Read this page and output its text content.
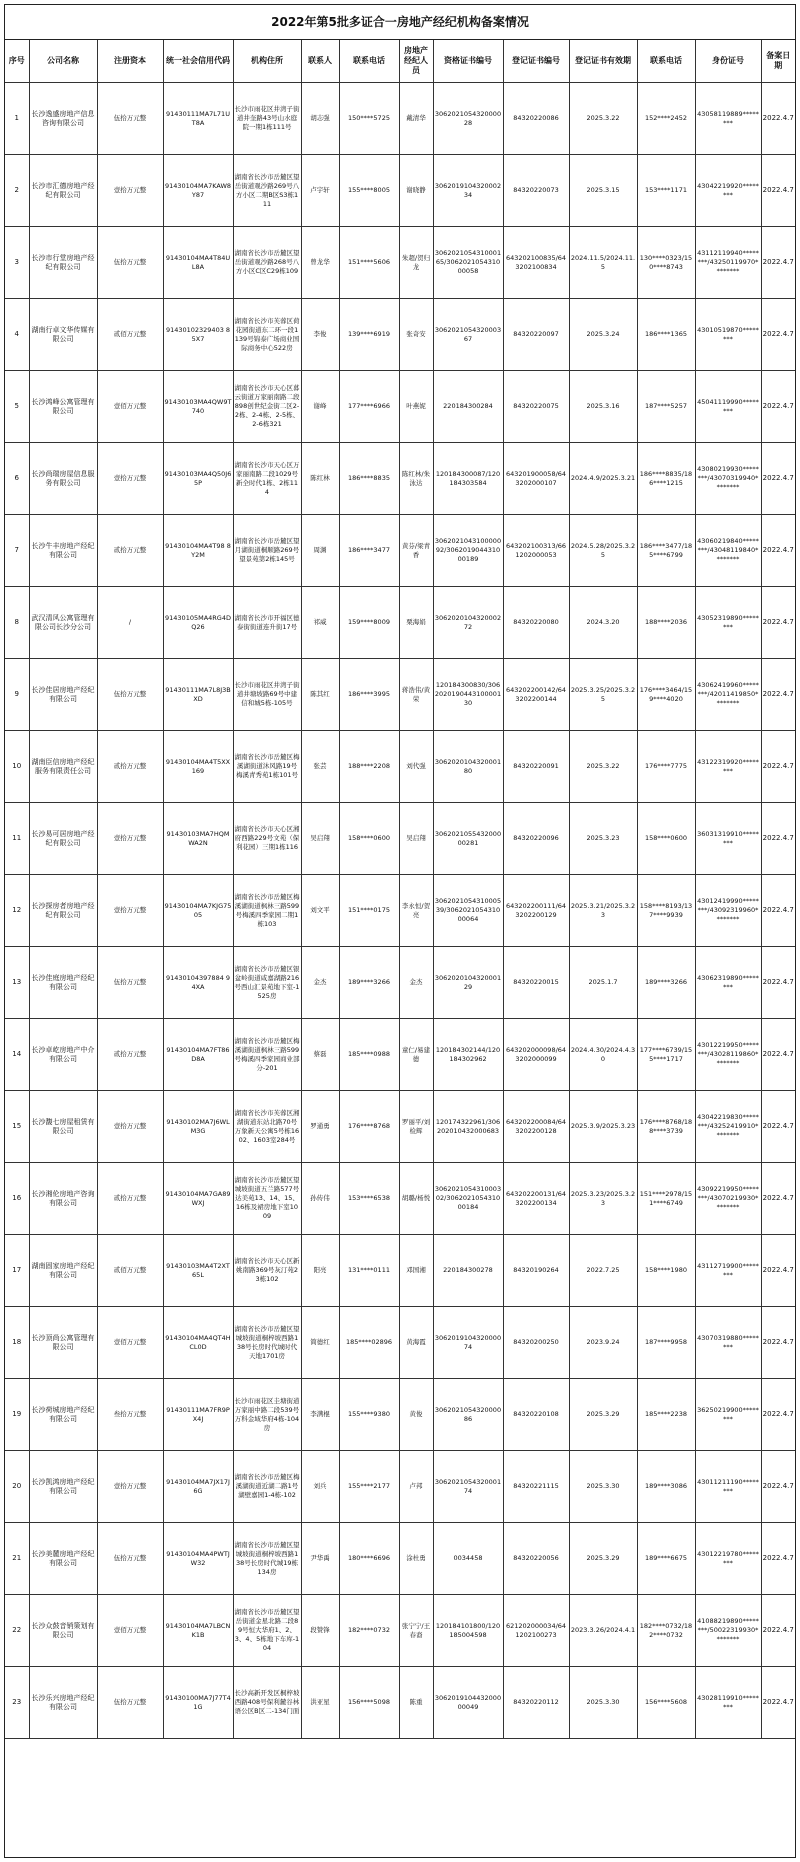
2022年第5批多证合一房地产经纪机构备案情况
序号	公司名称	注册资本	统一社会信用代码	机构住所	联系人	联系电话	房地产经纪人员	资格证书编号	登记证书编号	登记证书有效期	联系电话	身份证号	备案日期
1	长沙逸盛房地产信息咨询有限公司	伍拾万元整	91430111MA7L71UT8A	长沙市雨花区井湾子街道井奎路43号山水庭院一期1栋111号	胡志强	150****5725	戴清华	306202105432000028	84320220086	2025.3.22	152****2452	43058119889********	2022.4.7
2	长沙市汇德房地产经纪有限公司	壹拾万元整	91430104MA7KAW8Y87	湖南省长沙市岳麓区望岳街道观沙路269号八方小区二期B区S3栋111	卢宇轩	155****8005	谢晓静	306201910432000234	84320220073	2025.3.15	153****1171	43042219920********	2022.4.7
3	长沙市行堂房地产经纪有限公司	伍拾万元整	91430104MA4T84UL8A	湖南省长沙市岳麓区望岳街道观沙路268号八方小区C区C29栋109	曾龙华	151****5606	朱超/贺归龙	306202105431000165/306202105431000058	643202100835/643202100834	2024.11.5/2024.11.5	130****0323/150****8743	43112119940********/43250119970********	2022.4.7
4	湖南行卓文华传媒有限公司	贰佰万元整	91430102329403 85X7	湖南省长沙市芙蓉区荷花园街道东二环一段1139号锦泰广场商业国际商务中心522房	李俊	139****6919	张奇安	306202105432000367	84320220097	2025.3.24	186****1365	43010519870********	2022.4.7
5	长沙鸿峰公寓管理有限公司	壹佰万元整	91430103MA4QW9T740	湖南省长沙市天心区暮云街道万家丽南路二段898创世纪金街二区2-2栋、2-4栋、2-5栋、2-6栋321	谢峰	177****6966	叶燕妮	220184300284	84320220075	2025.3.16	187****5257	45041119990********	2022.4.7
6	长沙尚瑞房屋信息服务有限公司	壹拾万元整	91430103MA4Q50J65P	湖南省长沙市天心区万家丽南路二段1029号新全时代1栋、2栋114	陈红林	186****8835	陈红林/朱泳达	120184300087/120184303584	643201900058/643202000107	2024.4.9/2025.3.21	186****8835/186****1215	43080219930********/43070319940********	2022.4.7
7	长沙牛丰房地产经纪有限公司	贰拾万元整	91430104MA4T98 8Y2M	湖南省长沙市岳麓区望月湖街道桐顺路269号望景苑第2栋145号	周渊	186****3477	黄芬/梁青香	306202104310000092/306201904431000189	643202100313/661202000053	2024.5.28/2025.3.25	186****3477/185****6799	43060219840********/43048119840********	2022.4.7
8	武汉清风公寓管理有限公司长沙分公司	/	91430105MA4RG4DQ26	湖南省长沙市开福区德泰街街道连升街17号	祁威	159****8009	栗海娟	306202010432000272	84320220080	2024.3.20	188****2036	43052319890********	2022.4.7
9	长沙佳居房地产经纪有限公司	伍拾万元整	91430111MA7L8J3BXD	长沙市雨花区井湾子街道井塘坡路69号中建信和城5栋-105号	陈其红	186****3995	蒋浩伟/黄荣	120184300830/306202019044310000130	643202200142/643202200144	2025.3.25/2025.3.25	176****3464/159****4020	43062419960********/42011419850********	2022.4.7
10	湖南臣信房地产经纪服务有限责任公司	贰拾万元整	91430104MA4T5XX169	湖南省长沙市岳麓区梅溪湖街道沐风路19号梅溪青秀苑1栋101号	张芸	188****2208	刘代强	306202010432000180	84320220091	2025.3.22	176****7775	43122319920********	2022.4.7
11	长沙易可居房地产经纪有限公司	壹拾万元整	91430103MA7HQMWA2N	湖南省长沙市天心区湘府西路229号文苑（保利花园）三期1栋116	吴启翔	158****0600	吴启翔	306202105543200000281	84320220096	2025.3.23	158****0600	36031319910********	2022.4.7
12	长沙探房者房地产经纪有限公司	壹拾万元整	91430104MA7KJG7505	湖南省长沙市岳麓区梅溪湖街道枫林三路599号梅溪四季家园二期1栋103	刘文平	151****0175	李永恒/贺亮	306202105431000539/306202105431000064	643202200111/643202200129	2025.3.21/2025.3.23	158****8193/137****9939	43012419990********/43092319960********	2022.4.7
13	长沙佳庭房地产经纪有限公司	伍拾万元整	91430104397884 94XA	湖南省长沙市岳麓区银盆岭街道咸嘉湖路216号西山汇景苑地下室-1525房	金杰	189****3266	金杰	306202010432000129	84320220015	2025.1.7	189****3266	43062319890********	2022.4.7
14	长沙卓屹房地产中介有限公司	贰拾万元整	91430104MA7FT86D8A	湖南省长沙市岳麓区梅溪湖街道枫林三路599号梅溪四季家园商业部分-201	蔡磊	185****0988	童仁/易建德	120184302144/120184302962	643202000098/643202000099	2024.4.30/2024.4.30	177****6739/155****1717	43012219950********/43028119860********	2022.4.7
15	长沙馥七房屋租赁有限公司	壹拾万元整	91430102MA7J6WLM3G	湖南省长沙市芙蓉区湘湖街道东站北路70号万象新天公寓5号栋1602、1603室284号	罗通勇	176****8768	罗丽平/刘检辉	120174322961/306202010432000683	643202200084/643202200128	2025.3.9/2025.3.23	176****8768/188****3739	43042219830********/43252419910********	2022.4.7
16	长沙湘伦房地产咨询有限公司	贰拾万元整	91430104MA7GA89WXJ	湖南省长沙市岳麓区望城坡街道五兰路577号达美苑13、14、15、16栋及裙房地下室1009	孙传伟	153****6538	胡璐/杨悦	306202105431000302/306202105431000184	643202200131/643202200134	2025.3.23/2025.3.23	151****2978/151****6749	43092219950********/43070219930********	2022.4.7
17	湖南固家房地产经纪有限公司	贰佰万元整	91430103MA4T2XT65L	湖南省长沙市天心区新姚南路369号灰汀苑23栋102	阳亮	131****0111	邓国湘	220184300278	84320190264	2022.7.25	158****1980	43112719900********	2022.4.7
18	长沙顶尚公寓管理有限公司	壹佰万元整	91430104MA4QT4HCL0D	湖南省长沙市岳麓区望城坡街道桐梓坡西路138号长房时代城时代天地1701房	简德红	185****02896	黄海霞	306201910432000074	84320200250	2023.9.24	187****9958	43070319880********	2022.4.7
19	长沙荷城房地产经纪有限公司	叁拾万元整	91430111MA7FR9PX4J	长沙市雨花区圭塘街道万家丽中路二段539号万科金域华府4栋-104房	李满棍	155****9380	黄俊	306202105432000086	84320220108	2025.3.29	185****2238	36250219900********	2022.4.7
20	长沙凯鸿房地产经纪有限公司	壹拾万元整	91430104MA7JX17J6G	湖南省长沙市岳麓区梅溪湖街道近湖二路1号湖壁嘉园1-4栋-102	刘兵	155****2177	卢邦	306202105432000174	84320221115	2025.3.30	189****3086	43011211190********	2022.4.7
21	长沙美麓房地产经纪有限公司	伍拾万元整	91430104MA4PWTJW32	湖南省长沙市岳麓区望城坡街道桐梓坡西路138号长房时代城19栋134房	尹华禹	180****6696	涂杜勇	0034458	84320220056	2025.3.29	189****6675	43012219780********	2022.4.7
22	长沙众鼓音销策划有限公司	壹佰万元整	91430104MA7LBCNK1B	湖南省长沙市岳麓区望岳街道金星北路二段89号恒大华府1、2、3、4、5栋地下车库-104	段赞锋	182****0732	张宁宁/王春裔	120184101800/120185004598	621202000034/641202100273	2023.3.26/2024.4.1	182****0732/182****0732	41088219890********/50022319930********	2022.4.7
23	长沙乐兴房地产经纪有限公司	伍拾万元整	91430100MA7J77T41G	长沙高新开发区桐梓坡西路408号保利麓谷林语公区B区二-134门面	洪亚星	156****5098	陈重	306201910443200000049	84320220112	2025.3.30	156****5608	43028119910********	2022.4.7
